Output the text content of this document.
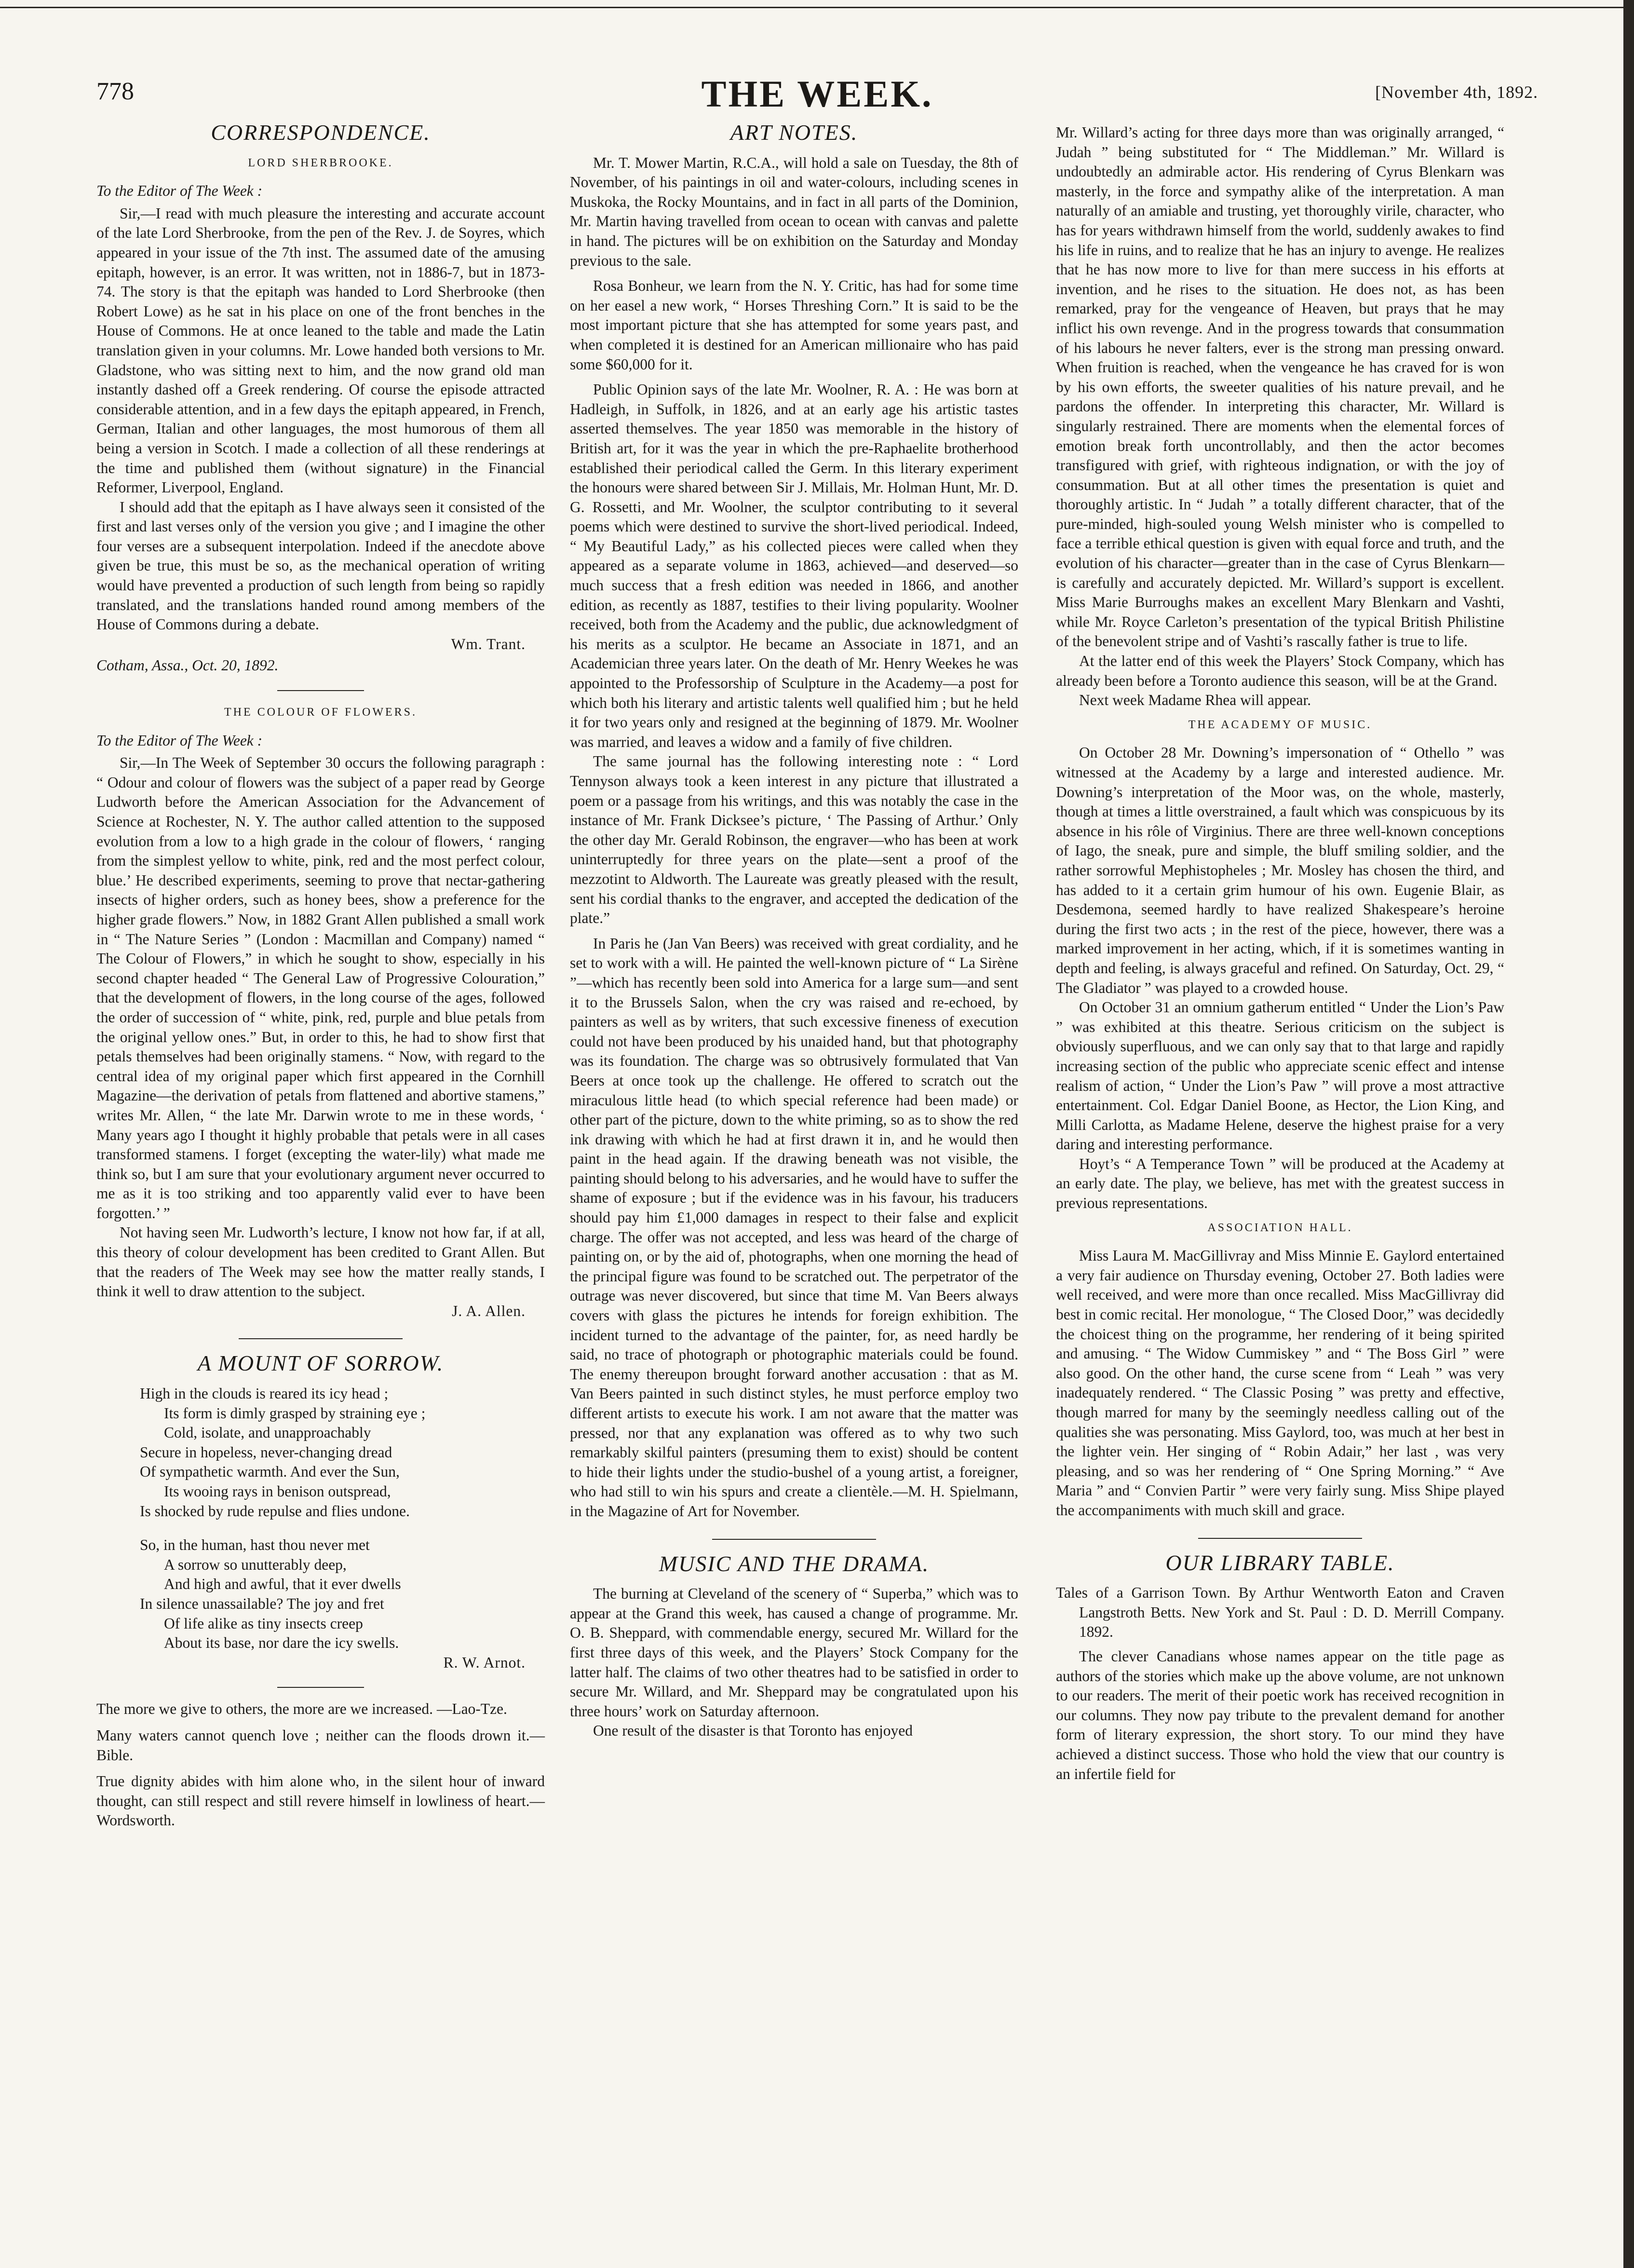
778	THE WEEK.	[November 4th, 1892.
CORRESPONDENCE.
LORD SHERBROOKE.
To the Editor of The Week :

Sir,—I read with much pleasure the interesting and accurate account of the late Lord Sherbrooke, from the pen of the Rev. J. de Soyres, which appeared in your issue of the 7th inst. The assumed date of the amusing epitaph, however, is an error. It was written, not in 1886-7, but in 1873-74. The story is that the epitaph was handed to Lord Sherbrooke (then Robert Lowe) as he sat in his place on one of the front benches in the House of Commons. He at once leaned to the table and made the Latin translation given in your columns. Mr. Lowe handed both versions to Mr. Gladstone, who was sitting next to him, and the now grand old man instantly dashed off a Greek rendering. Of course the episode attracted considerable attention, and in a few days the epitaph appeared, in French, German, Italian and other languages, the most humorous of them all being a version in Scotch. I made a collection of all these renderings at the time and published them (without signature) in the Financial Reformer, Liverpool, England.

I should add that the epitaph as I have always seen it consisted of the first and last verses only of the version you give ; and I imagine the other four verses are a subsequent interpolation. Indeed if the anecdote above given be true, this must be so, as the mechanical operation of writing would have prevented a production of such length from being so rapidly translated, and the translations handed round among members of the House of Commons during a debate.

Wm. Trant.
Cotham, Assa., Oct. 20, 1892.
THE COLOUR OF FLOWERS.
To the Editor of The Week :

Sir,—In The Week of September 30 occurs the following paragraph : “ Odour and colour of flowers was the subject of a paper read by George Ludworth before the American Association for the Advancement of Science at Rochester, N. Y. The author called attention to the supposed evolution from a low to a high grade in the colour of flowers, ‘ ranging from the simplest yellow to white, pink, red and the most perfect colour, blue.’ He described experiments, seeming to prove that nectar-gathering insects of higher orders, such as honey bees, show a preference for the higher grade flowers.” Now, in 1882 Grant Allen published a small work in “ The Nature Series ” (London : Macmillan and Company) named “ The Colour of Flowers,” in which he sought to show, especially in his second chapter headed “ The General Law of Progressive Colouration,” that the development of flowers, in the long course of the ages, followed the order of succession of “ white, pink, red, purple and blue petals from the original yellow ones.” But, in order to this, he had to show first that petals themselves had been originally stamens. “ Now, with regard to the central idea of my original paper which first appeared in the Cornhill Magazine—the derivation of petals from flattened and abortive stamens,” writes Mr. Allen, “ the late Mr. Darwin wrote to me in these words, ‘ Many years ago I thought it highly probable that petals were in all cases transformed stamens. I forget (excepting the water-lily) what made me think so, but I am sure that your evolutionary argument never occurred to me as it is too striking and too apparently valid ever to have been forgotten.’ ”

Not having seen Mr. Ludworth’s lecture, I know not how far, if at all, this theory of colour development has been credited to Grant Allen. But that the readers of The Week may see how the matter really stands, I think it well to draw attention to the subject.

J. A. Allen.
A MOUNT OF SORROW.
High in the clouds is reared its icy head ;
Its form is dimly grasped by straining eye ;
Cold, isolate, and unapproachably
Secure in hopeless, never-changing dread
Of sympathetic warmth. And ever the Sun,
Its wooing rays in benison outspread,
Is shocked by rude repulse and flies undone.
So, in the human, hast thou never met
A sorrow so unutterably deep,
And high and awful, that it ever dwells
In silence unassailable? The joy and fret
Of life alike as tiny insects creep
About its base, nor dare the icy swells.
R. W. Arnot.

The more we give to others, the more are we increased. —Lao-Tze.

Many waters cannot quench love ; neither can the floods drown it.—Bible.

True dignity abides with him alone who, in the silent hour of inward thought, can still respect and still revere himself in lowliness of heart.—Wordsworth.

ART NOTES.

Mr. T. Mower Martin, R.C.A., will hold a sale on Tuesday, the 8th of November, of his paintings in oil and water-colours, including scenes in Muskoka, the Rocky Mountains, and in fact in all parts of the Dominion, Mr. Martin having travelled from ocean to ocean with canvas and palette in hand. The pictures will be on exhibition on the Saturday and Monday previous to the sale.

Rosa Bonheur, we learn from the N. Y. Critic, has had for some time on her easel a new work, “ Horses Threshing Corn.” It is said to be the most important picture that she has attempted for some years past, and when completed it is destined for an American millionaire who has paid some $60,000 for it.

Public Opinion says of the late Mr. Woolner, R. A. : He was born at Hadleigh, in Suffolk, in 1826, and at an early age his artistic tastes asserted themselves. The year 1850 was memorable in the history of British art, for it was the year in which the pre-Raphaelite brotherhood established their periodical called the Germ. In this literary experiment the honours were shared between Sir J. Millais, Mr. Holman Hunt, Mr. D. G. Rossetti, and Mr. Woolner, the sculptor contributing to it several poems which were destined to survive the short-lived periodical. Indeed, “ My Beautiful Lady,” as his collected pieces were called when they appeared as a separate volume in 1863, achieved—and deserved—so much success that a fresh edition was needed in 1866, and another edition, as recently as 1887, testifies to their living popularity. Woolner received, both from the Academy and the public, due acknowledgment of his merits as a sculptor. He became an Associate in 1871, and an Academician three years later. On the death of Mr. Henry Weekes he was appointed to the Professorship of Sculpture in the Academy—a post for which both his literary and artistic talents well qualified him ; but he held it for two years only and resigned at the beginning of 1879. Mr. Woolner was married, and leaves a widow and a family of five children.

The same journal has the following interesting note : “ Lord Tennyson always took a keen interest in any picture that illustrated a poem or a passage from his writings, and this was notably the case in the instance of Mr. Frank Dicksee’s picture, ‘ The Passing of Arthur.’ Only the other day Mr. Gerald Robinson, the engraver—who has been at work uninterruptedly for three years on the plate—sent a proof of the mezzotint to Aldworth. The Laureate was greatly pleased with the result, sent his cordial thanks to the engraver, and accepted the dedication of the plate.”

In Paris he (Jan Van Beers) was received with great cordiality, and he set to work with a will. He painted the well-known picture of “ La Sirène ”—which has recently been sold into America for a large sum—and sent it to the Brussels Salon, when the cry was raised and re-echoed, by painters as well as by writers, that such excessive fineness of execution could not have been produced by his unaided hand, but that photography was its foundation. The charge was so obtrusively formulated that Van Beers at once took up the challenge. He offered to scratch out the miraculous little head (to which special reference had been made) or other part of the picture, down to the white priming, so as to show the red ink drawing with which he had at first drawn it in, and he would then paint in the head again. If the drawing beneath was not visible, the painting should belong to his adversaries, and he would have to suffer the shame of exposure ; but if the evidence was in his favour, his traducers should pay him £1,000 damages in respect to their false and explicit charge. The offer was not accepted, and less was heard of the charge of painting on, or by the aid of, photographs, when one morning the head of the principal figure was found to be scratched out. The perpetrator of the outrage was never discovered, but since that time M. Van Beers always covers with glass the pictures he intends for foreign exhibition. The incident turned to the advantage of the painter, for, as need hardly be said, no trace of photograph or photographic materials could be found. The enemy thereupon brought forward another accusation : that as M. Van Beers painted in such distinct styles, he must perforce employ two different artists to execute his work. I am not aware that the matter was pressed, nor that any explanation was offered as to why two such remarkably skilful painters (presuming them to exist) should be content to hide their lights under the studio-bushel of a young artist, a foreigner, who had still to win his spurs and create a clientèle.—M. H. Spielmann, in the Magazine of Art for November.

MUSIC AND THE DRAMA.

The burning at Cleveland of the scenery of “ Superba,” which was to appear at the Grand this week, has caused a change of programme. Mr. O. B. Sheppard, with commendable energy, secured Mr. Willard for the first three days of this week, and the Players’ Stock Company for the latter half. The claims of two other theatres had to be satisfied in order to secure Mr. Willard, and Mr. Sheppard may be congratulated upon his three hours’ work on Saturday afternoon.

One result of the disaster is that Toronto has enjoyed

Mr. Willard’s acting for three days more than was originally arranged, “ Judah ” being substituted for “ The Middleman.” Mr. Willard is undoubtedly an admirable actor. His rendering of Cyrus Blenkarn was masterly, in the force and sympathy alike of the interpretation. A man naturally of an amiable and trusting, yet thoroughly virile, character, who has for years withdrawn himself from the world, suddenly awakes to find his life in ruins, and to realize that he has an injury to avenge. He realizes that he has now more to live for than mere success in his efforts at invention, and he rises to the situation. He does not, as has been remarked, pray for the vengeance of Heaven, but prays that he may inflict his own revenge. And in the progress towards that consummation of his labours he never falters, ever is the strong man pressing onward. When fruition is reached, when the vengeance he has craved for is won by his own efforts, the sweeter qualities of his nature prevail, and he pardons the offender. In interpreting this character, Mr. Willard is singularly restrained. There are moments when the elemental forces of emotion break forth uncontrollably, and then the actor becomes transfigured with grief, with righteous indignation, or with the joy of consummation. But at all other times the presentation is quiet and thoroughly artistic. In “ Judah ” a totally different character, that of the pure-minded, high-souled young Welsh minister who is compelled to face a terrible ethical question is given with equal force and truth, and the evolution of his character—greater than in the case of Cyrus Blenkarn—is carefully and accurately depicted. Mr. Willard’s support is excellent. Miss Marie Burroughs makes an excellent Mary Blenkarn and Vashti, while Mr. Royce Carleton’s presentation of the typical British Philistine of the benevolent stripe and of Vashti’s rascally father is true to life.

At the latter end of this week the Players’ Stock Company, which has already been before a Toronto audience this season, will be at the Grand.

Next week Madame Rhea will appear.

THE ACADEMY OF MUSIC.

On October 28 Mr. Downing’s impersonation of “ Othello ” was witnessed at the Academy by a large and interested audience. Mr. Downing’s interpretation of the Moor was, on the whole, masterly, though at times a little overstrained, a fault which was conspicuous by its absence in his rôle of Virginius. There are three well-known conceptions of Iago, the sneak, pure and simple, the bluff smiling soldier, and the rather sorrowful Mephistopheles ; Mr. Mosley has chosen the third, and has added to it a certain grim humour of his own. Eugenie Blair, as Desdemona, seemed hardly to have realized Shakespeare’s heroine during the first two acts ; in the rest of the piece, however, there was a marked improvement in her acting, which, if it is sometimes wanting in depth and feeling, is always graceful and refined. On Saturday, Oct. 29, “ The Gladiator ” was played to a crowded house.

On October 31 an omnium gatherum entitled “ Under the Lion’s Paw ” was exhibited at this theatre. Serious criticism on the subject is obviously superfluous, and we can only say that to that large and rapidly increasing section of the public who appreciate scenic effect and intense realism of action, “ Under the Lion’s Paw ” will prove a most attractive entertainment. Col. Edgar Daniel Boone, as Hector, the Lion King, and Milli Carlotta, as Madame Helene, deserve the highest praise for a very daring and interesting performance.

Hoyt’s “ A Temperance Town ” will be produced at the Academy at an early date. The play, we believe, has met with the greatest success in previous representations.

ASSOCIATION HALL.

Miss Laura M. MacGillivray and Miss Minnie E. Gaylord entertained a very fair audience on Thursday evening, October 27. Both ladies were well received, and were more than once recalled. Miss MacGillivray did best in comic recital. Her monologue, “ The Closed Door,” was decidedly the choicest thing on the programme, her rendering of it being spirited and amusing. “ The Widow Cummiskey ” and “ The Boss Girl ” were also good. On the other hand, the curse scene from “ Leah ” was very inadequately rendered. “ The Classic Posing ” was pretty and effective, though marred for many by the seemingly needless calling out of the qualities she was personating. Miss Gaylord, too, was much at her best in the lighter vein. Her singing of “ Robin Adair,” her last , was very pleasing, and so was her rendering of “ One Spring Morning.” “ Ave Maria ” and “ Convien Partir ” were very fairly sung. Miss Shipe played the accompaniments with much skill and grace.

OUR LIBRARY TABLE.

Tales of a Garrison Town. By Arthur Wentworth Eaton and Craven Langstroth Betts. New York and St. Paul : D. D. Merrill Company. 1892.

The clever Canadians whose names appear on the title page as authors of the stories which make up the above volume, are not unknown to our readers. The merit of their poetic work has received recognition in our columns. They now pay tribute to the prevalent demand for another form of literary expression, the short story. To our mind they have achieved a distinct success. Those who hold the view that our country is an infertile field for
